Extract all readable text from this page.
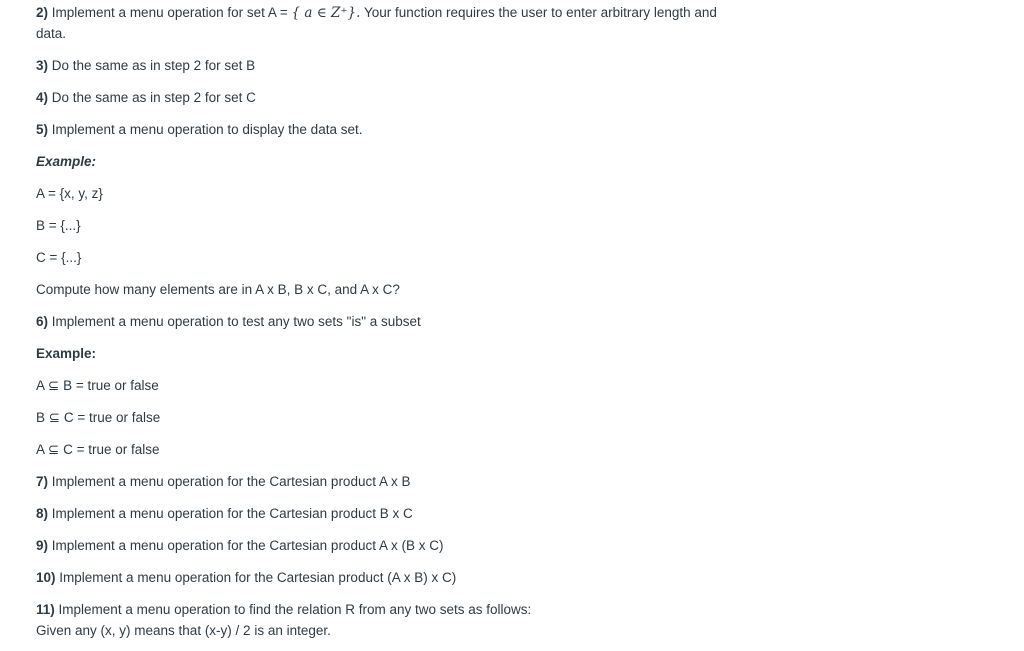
2) Implement a menu operation for set A = { a ∈ Z⁺}. Your function requires the user to enter arbitrary length and
data.
3) Do the same as in step 2 for set B
4) Do the same as in step 2 for set C
5) Implement a menu operation to display the data set.
Example:
A = {x, y, z}
B = {...}
C = {...}
Compute how many elements are in A x B, B x C, and A x C?
6) Implement a menu operation to test any two sets "is" a subset
Example:
A ⊆ B = true or false
B ⊆ C = true or false
A ⊆ C = true or false
7) Implement a menu operation for the Cartesian product A x B
8) Implement a menu operation for the Cartesian product B x C
9) Implement a menu operation for the Cartesian product A x (B x C)
10) Implement a menu operation for the Cartesian product (A x B) x C)
11) Implement a menu operation to find the relation R from any two sets as follows:
Given any (x, y) means that (x-y) / 2 is an integer.
